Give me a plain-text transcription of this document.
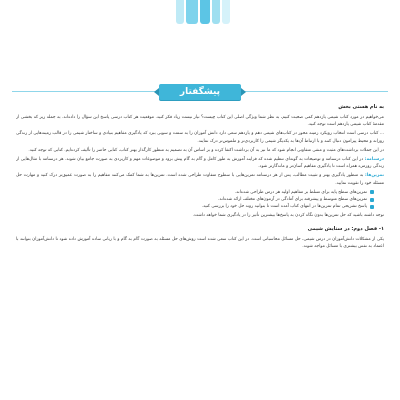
پیشگفتار
به نام هستی بخش

می‌خواهیم در مورد کتاب شیمی یازدهم کمی صحبت کنیم، به نظر شما ویژگی اصلی این کتاب چیست؟ نیاز نیست زیاد فکر کنید. موقعیت هر کتاب درسی پاسخ این سؤال را داده‌اند. به جمله زیر که بخشی از مقدمهٔ کتاب شیمی یازدهم است توجه کنید.

... کتاب درسی است انتخاب رویکرد زمینه محور در کتاب‌های شیمی دهم و یازدهم سعی دارد دانش آموزان را به سمت و سویی ببرد که یادگیری مفاهیم بنیادی و ساختار شیمی را در قالب زمینه‌هایی از زندگی روزانه و محیط پیرامون دنبال کنند و با ارتباط آن‌ها به یکدیگر شیمی را کاربردی‌تر و ملموس‌تر درک نمایند.

در این جملات برداشت‌های مثبت و منفی متفاوتی انجام شود که ما نیز به آن برداشت اکتفا کرده و بر اساس آن به تصمیم به منظور کارگذار بهتر کتاب، کتابی حاضر را تألیف کرده‌ایم. کتابی که توجه کنید.

درسنامه: در این کتاب درسنامه و توضیحات به گونه‌ای تنظیم شده که فرایند آموزش به طور کامل و گام به گام پیش برود و موضوعات مهم و کاربردی به صورت جامع بیان شوند. هر درسنامه با مثال‌هایی از زندگی روزمره همراه است تا یادگیری مفاهیم آسان‌تر و ماندگارتر شود.

تمرین‌ها: به منظور یادگیری بهتر و تثبیت مطالب، پس از هر درسنامه تمرین‌هایی با سطوح متفاوت طراحی شده است. تمرین‌ها به شما کمک می‌کنند مفاهیم را به صورت عمیق‌تر درک کنید و مهارت حل مسئله خود را تقویت نمایید.

تمرین‌های سطح پایه برای تسلط بر مفاهیم اولیه هر درس طراحی شده‌اند.
تمرین‌های سطح متوسط و پیشرفته برای آمادگی در آزمون‌های مختلف ارائه شده‌اند.
پاسخ تشریحی تمام تمرین‌ها در انتهای کتاب آمده است تا بتوانید روند حل خود را بررسی کنید.

توجه داشته باشید که حل تمرین‌ها بدون نگاه کردن به پاسخ‌ها بیشترین تأثیر را در یادگیری شما خواهد داشت.

۱- فصل دوم: در ستایش شیمی

یکی از مشکلات دانش‌آموزان در درس شیمی، حل مسائل محاسباتی است. در این کتاب سعی شده است روش‌های حل مسئله به صورت گام به گام و با زبانی ساده آموزش داده شود تا دانش‌آموزان بتوانند با اعتماد به نفس بیشتری با مسائل مواجه شوند.
